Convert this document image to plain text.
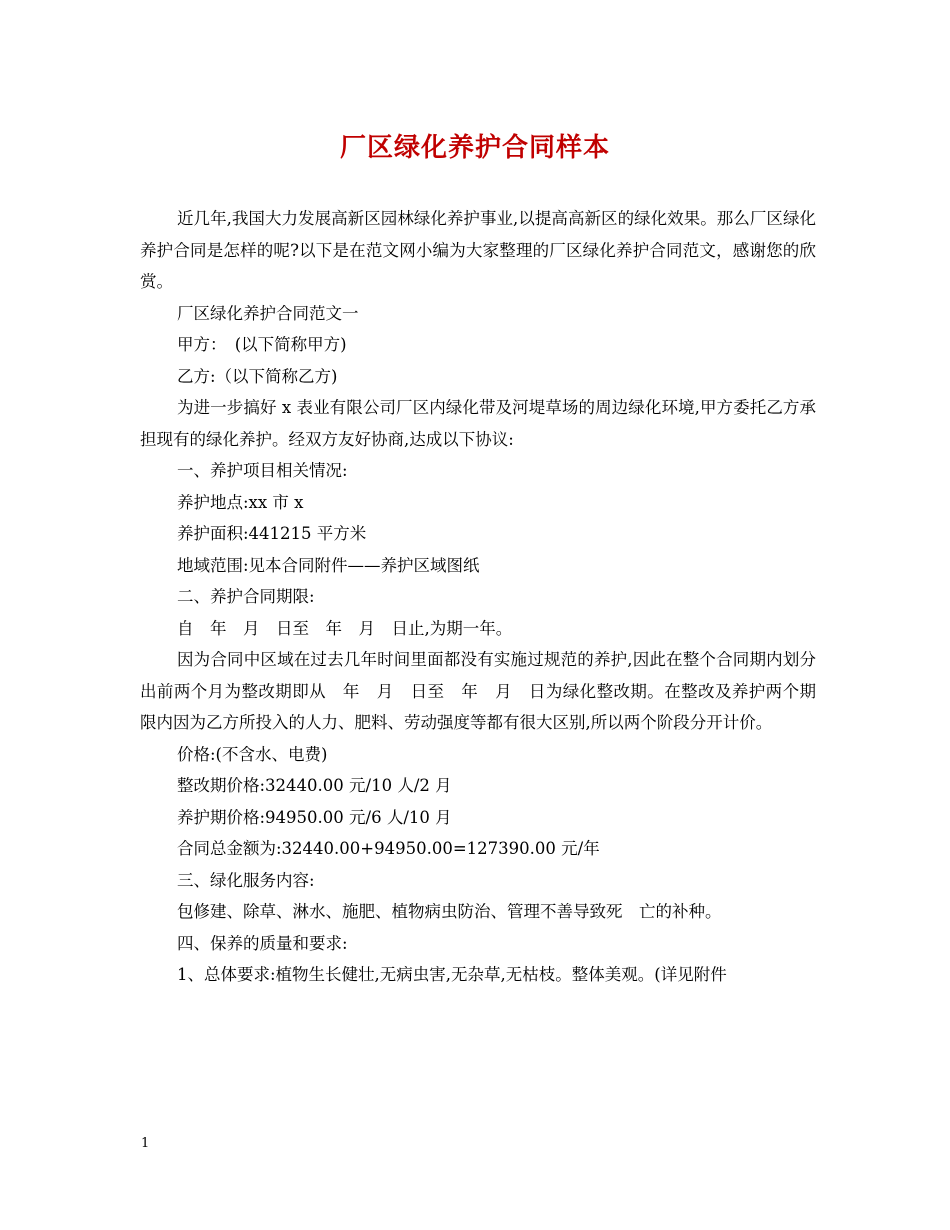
厂区绿化养护合同样本

近几年,我国大力发展高新区园林绿化养护事业,以提高高新区的绿化效果。那么厂区绿化养护合同是怎样的呢?以下是在范文网小编为大家整理的厂区绿化养护合同范文，感谢您的欣赏。

厂区绿化养护合同范文一

甲方：　(以下简称甲方)

乙方:（以下简称乙方)

为进一步搞好 x 表业有限公司厂区内绿化带及河堤草场的周边绿化环境,甲方委托乙方承担现有的绿化养护。经双方友好协商,达成以下协议:

一、养护项目相关情况:

养护地点:xx 市 x

养护面积:441215 平方米

地域范围:见本合同附件——养护区域图纸

二、养护合同期限:

自　年　月　日至　年　月　日止,为期一年。

因为合同中区域在过去几年时间里面都没有实施过规范的养护,因此在整个合同期内划分出前两个月为整改期即从　年　月　日至　年　月　日为绿化整改期。在整改及养护两个期限内因为乙方所投入的人力、肥料、劳动强度等都有很大区别,所以两个阶段分开计价。

价格:(不含水、电费)

整改期价格:32440.00 元/10 人/2 月

养护期价格:94950.00 元/6 人/10 月

合同总金额为:32440.00+94950.00=127390.00 元/年

三、绿化服务内容:

包修建、除草、淋水、施肥、植物病虫防治、管理不善导致死　亡的补种。

四、保养的质量和要求:

1、总体要求:植物生长健壮,无病虫害,无杂草,无枯枝。整体美观。(详见附件

1
